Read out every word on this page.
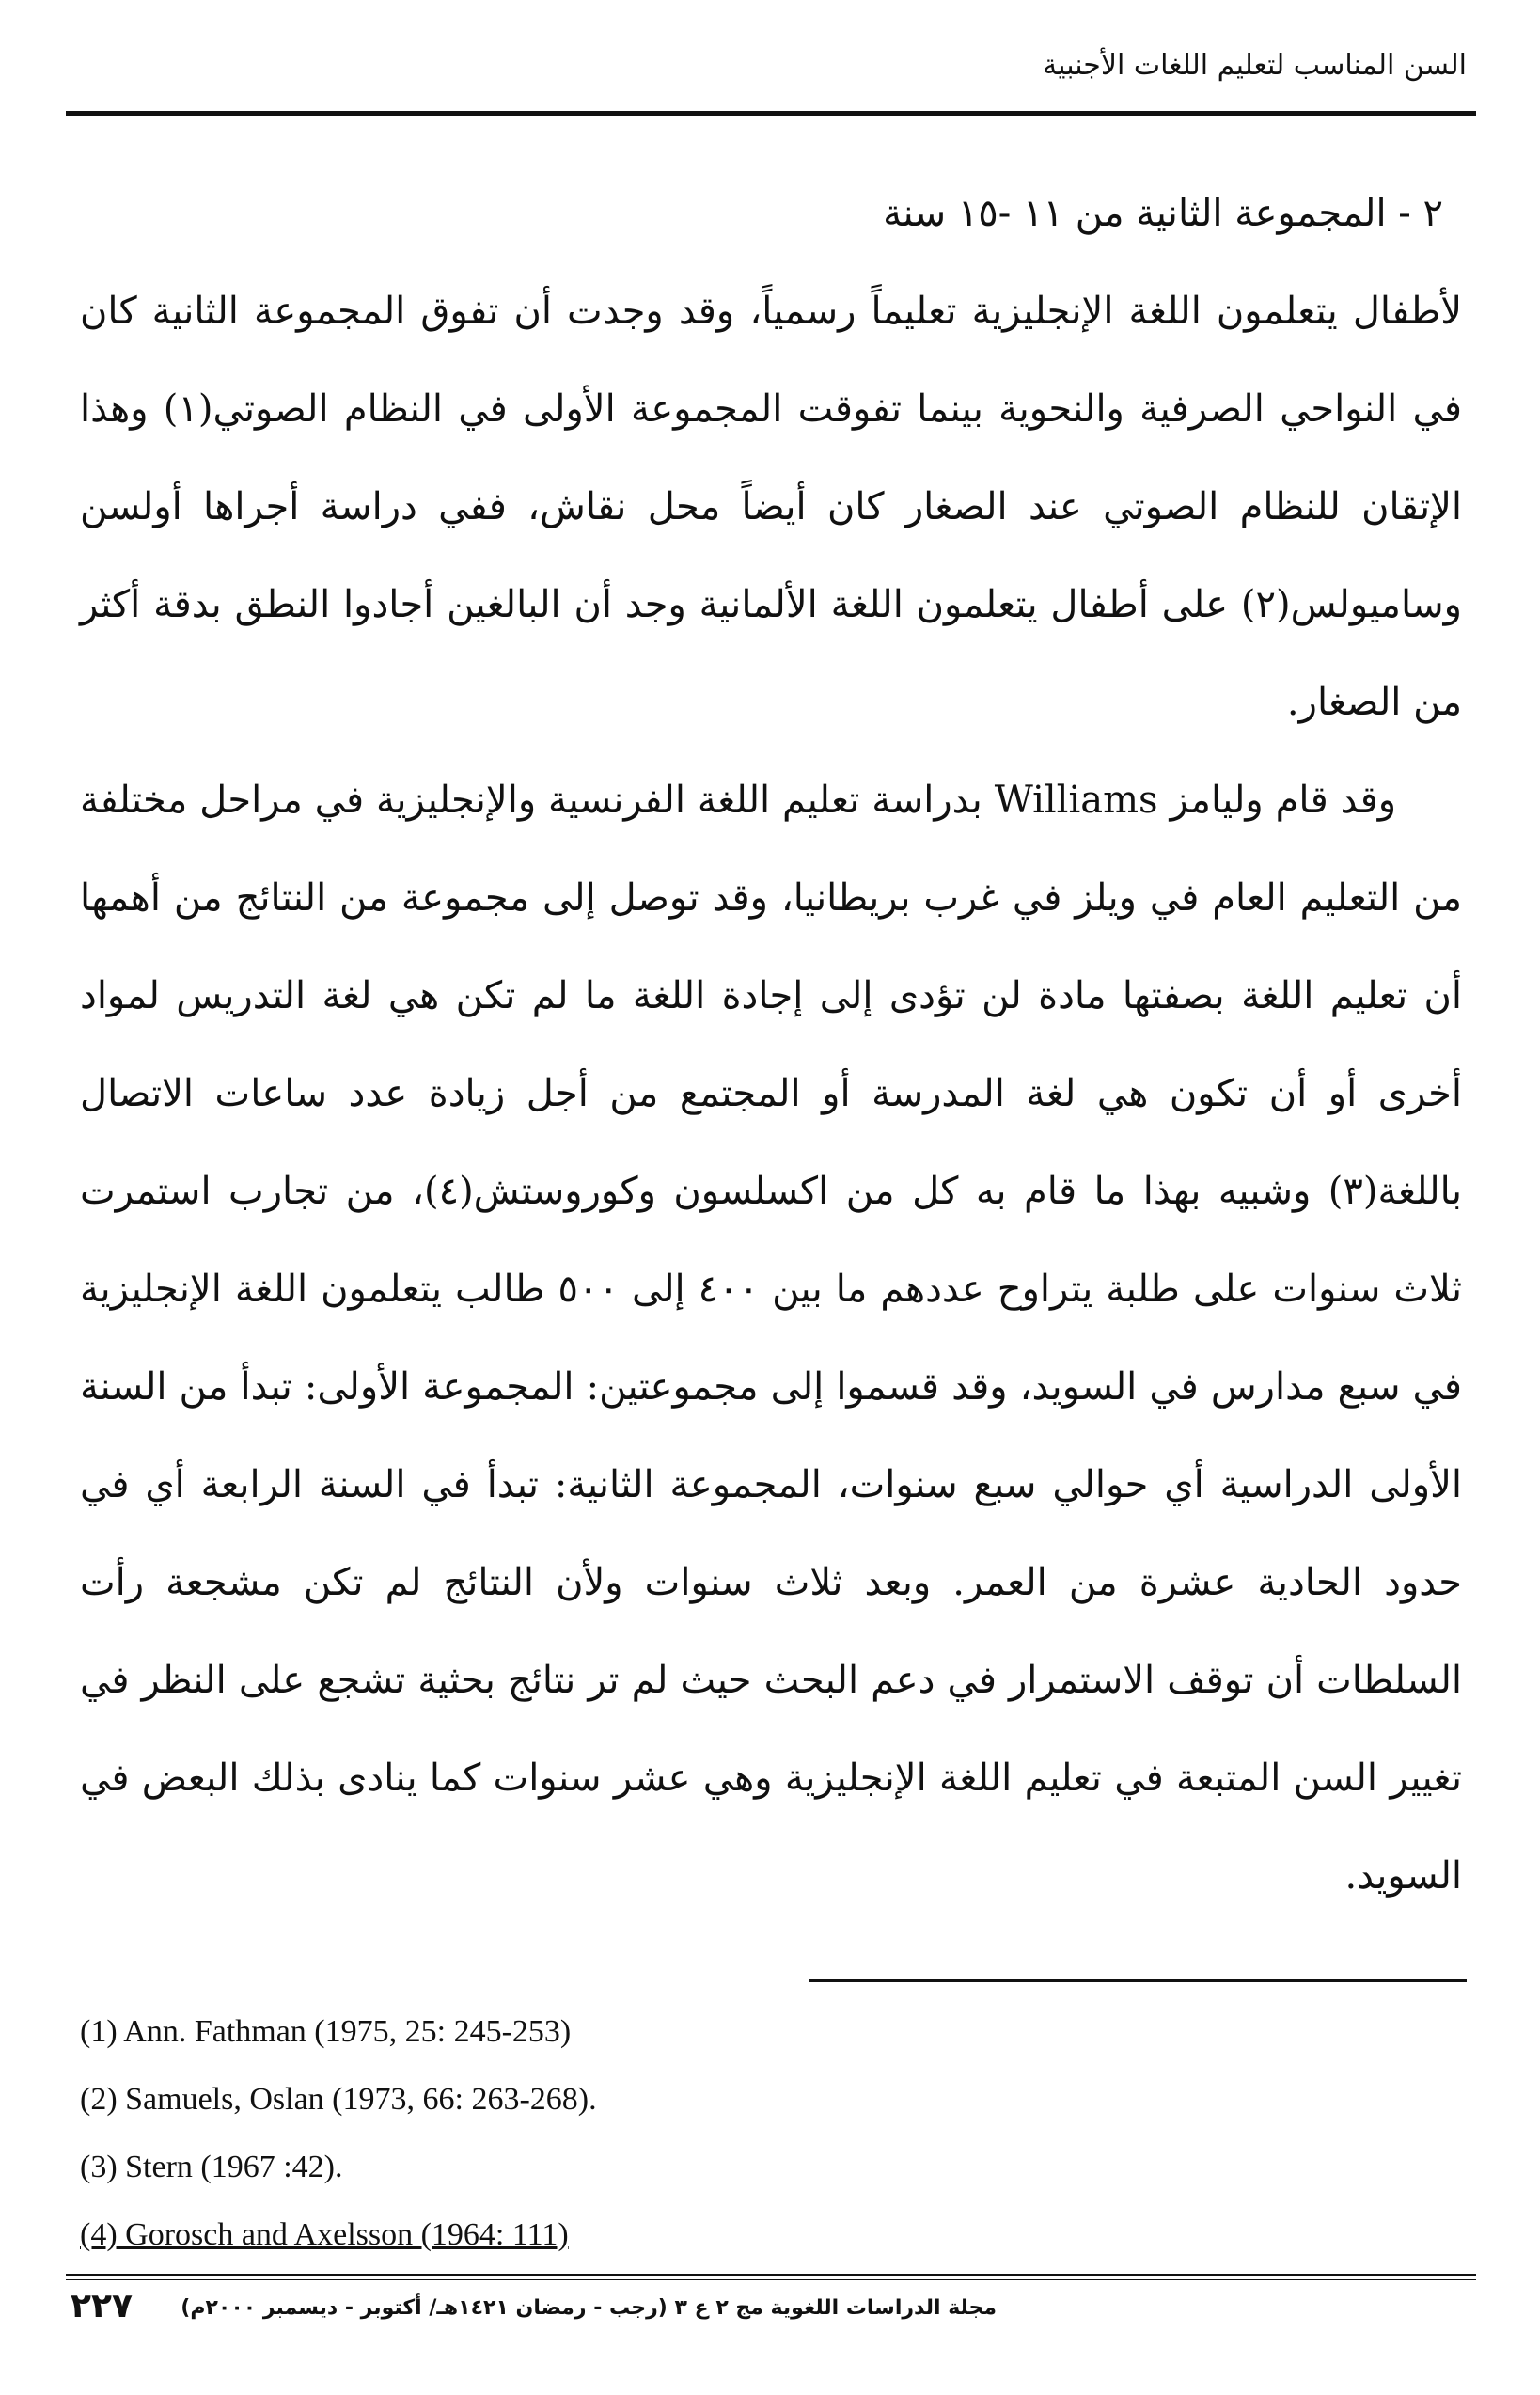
السن المناسب لتعليم اللغات الأجنبية

٢ - المجموعة الثانية من ١١ -١٥ سنة

لأطفال يتعلمون اللغة الإنجليزية تعليماً رسمياً، وقد وجدت أن تفوق المجموعة الثانية كان في النواحي الصرفية والنحوية بينما تفوقت المجموعة الأولى في النظام الصوتي(١) وهذا الإتقان للنظام الصوتي عند الصغار كان أيضاً محل نقاش، ففي دراسة أجراها أولسن وساميولس(٢) على أطفال يتعلمون اللغة الألمانية وجد أن البالغين أجادوا النطق بدقة أكثر من الصغار.

وقد قام وليامز Williams بدراسة تعليم اللغة الفرنسية والإنجليزية في مراحل مختلفة من التعليم العام في ويلز في غرب بريطانيا، وقد توصل إلى مجموعة من النتائج من أهمها أن تعليم اللغة بصفتها مادة لن تؤدى إلى إجادة اللغة ما لم تكن هي لغة التدريس لمواد أخرى أو أن تكون هي لغة المدرسة أو المجتمع من أجل زيادة عدد ساعات الاتصال باللغة(٣) وشبيه بهذا ما قام به كل من اكسلسون وكوروستش(٤)، من تجارب استمرت ثلاث سنوات على طلبة يتراوح عددهم ما بين ٤٠٠ إلى ٥٠٠ طالب يتعلمون اللغة الإنجليزية في سبع مدارس في السويد، وقد قسموا إلى مجموعتين: المجموعة الأولى: تبدأ من السنة الأولى الدراسية أي حوالي سبع سنوات، المجموعة الثانية: تبدأ في السنة الرابعة أي في حدود الحادية عشرة من العمر. وبعد ثلاث سنوات ولأن النتائج لم تكن مشجعة رأت السلطات أن توقف الاستمرار في دعم البحث حيث لم تر نتائج بحثية تشجع على النظر في تغيير السن المتبعة في تعليم اللغة الإنجليزية وهي عشر سنوات كما ينادى بذلك البعض في السويد.

(1) Ann. Fathman (1975, 25: 245-253)
(2) Samuels, Oslan (1973, 66: 263-268).
(3) Stern (1967 :42).
(4) Gorosch and Axelsson (1964: 111)
٢٢٧ مجلة الدراسات اللغوية مج ٢ ع ٣ (رجب - رمضان ١٤٢١هـ/ أكتوبر - ديسمبر ٢٠٠٠م)
